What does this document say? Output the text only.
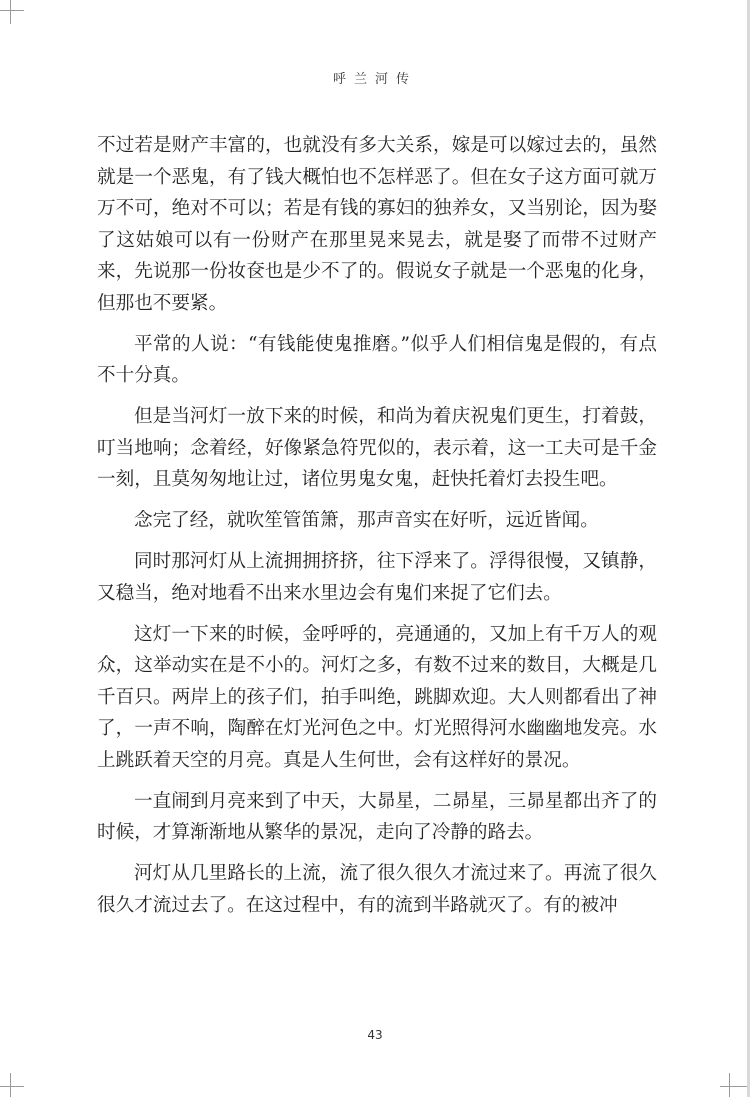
呼兰河传

不过若是财产丰富的，也就没有多大关系，嫁是可以嫁过去的，虽然就是一个恶鬼，有了钱大概怕也不怎样恶了。但在女子这方面可就万万不可，绝对不可以；若是有钱的寡妇的独养女，又当别论，因为娶了这姑娘可以有一份财产在那里晃来晃去，就是娶了而带不过财产来，先说那一份妆奁也是少不了的。假说女子就是一个恶鬼的化身，但那也不要紧。

平常的人说：“有钱能使鬼推磨。”似乎人们相信鬼是假的，有点不十分真。

但是当河灯一放下来的时候，和尚为着庆祝鬼们更生，打着鼓，叮当地响；念着经，好像紧急符咒似的，表示着，这一工夫可是千金一刻，且莫匆匆地让过，诸位男鬼女鬼，赶快托着灯去投生吧。

念完了经，就吹笙管笛箫，那声音实在好听，远近皆闻。

同时那河灯从上流拥拥挤挤，往下浮来了。浮得很慢，又镇静，又稳当，绝对地看不出来水里边会有鬼们来捉了它们去。

这灯一下来的时候，金呼呼的，亮通通的，又加上有千万人的观众，这举动实在是不小的。河灯之多，有数不过来的数目，大概是几千百只。两岸上的孩子们，拍手叫绝，跳脚欢迎。大人则都看出了神了，一声不响，陶醉在灯光河色之中。灯光照得河水幽幽地发亮。水上跳跃着天空的月亮。真是人生何世，会有这样好的景况。

一直闹到月亮来到了中天，大昴星，二昴星，三昴星都出齐了的时候，才算渐渐地从繁华的景况，走向了冷静的路去。

河灯从几里路长的上流，流了很久很久才流过来了。再流了很久很久才流过去了。在这过程中，有的流到半路就灭了。有的被冲

43
